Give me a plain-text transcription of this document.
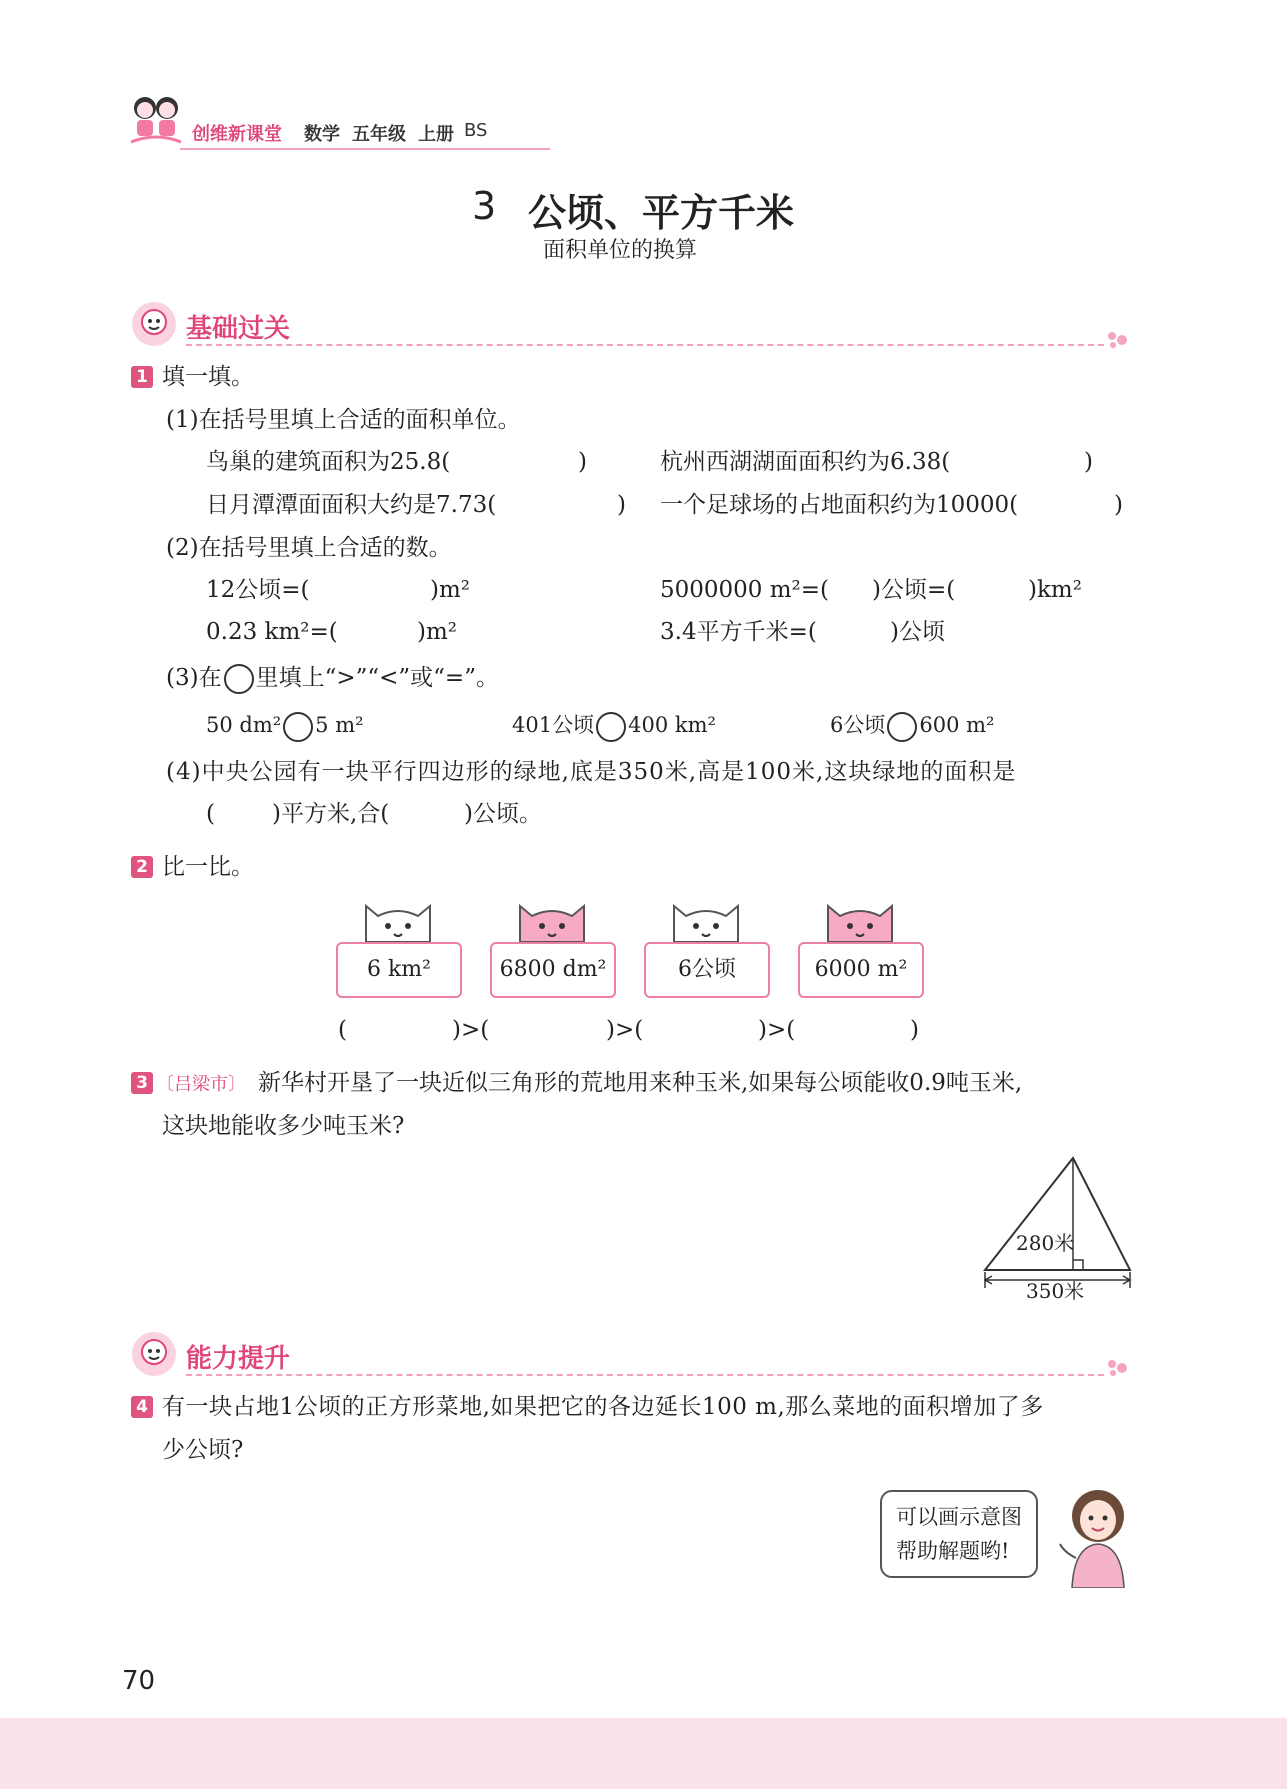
创维新课堂 数学 五年级 上册 BS
3 公顷、平方千米
面积单位的换算
基础过关
1 填一填。
(1)在括号里填上合适的面积单位。
鸟巢的建筑面积为25.8(	)	杭州西湖湖面面积约为6.38(	)
日月潭潭面面积大约是7.73(	) 一个足球场的占地面积约为10000(	)
(2)在括号里填上合适的数。
12公顷=(	)m²	5000000 m²=( )公顷=(	)km²
0.23 km²=(	)m²	3.4平方千米=(	)公顷
(3)在 里填上“>”“<”或“=”。
50 dm² 5 m²	401公顷 400 km²	6公顷 600 m²
(4)中央公园有一块平行四边形的绿地,底是350米,高是100米,这块绿地的面积是
( )平方米,合(	)公顷。
2 比一比。
6 km²	6800 dm²	6公顷	6000 m²
(	)>(	)>(	)>(	)
3 〔吕梁市〕 新华村开垦了一块近似三角形的荒地用来种玉米,如果每公顷能收0.9吨玉米,
这块地能收多少吨玉米?
280米
350米
能力提升
4 有一块占地1公顷的正方形菜地,如果把它的各边延长100 m,那么菜地的面积增加了多
少公顷?
可以画示意图
帮助解题哟!
70
